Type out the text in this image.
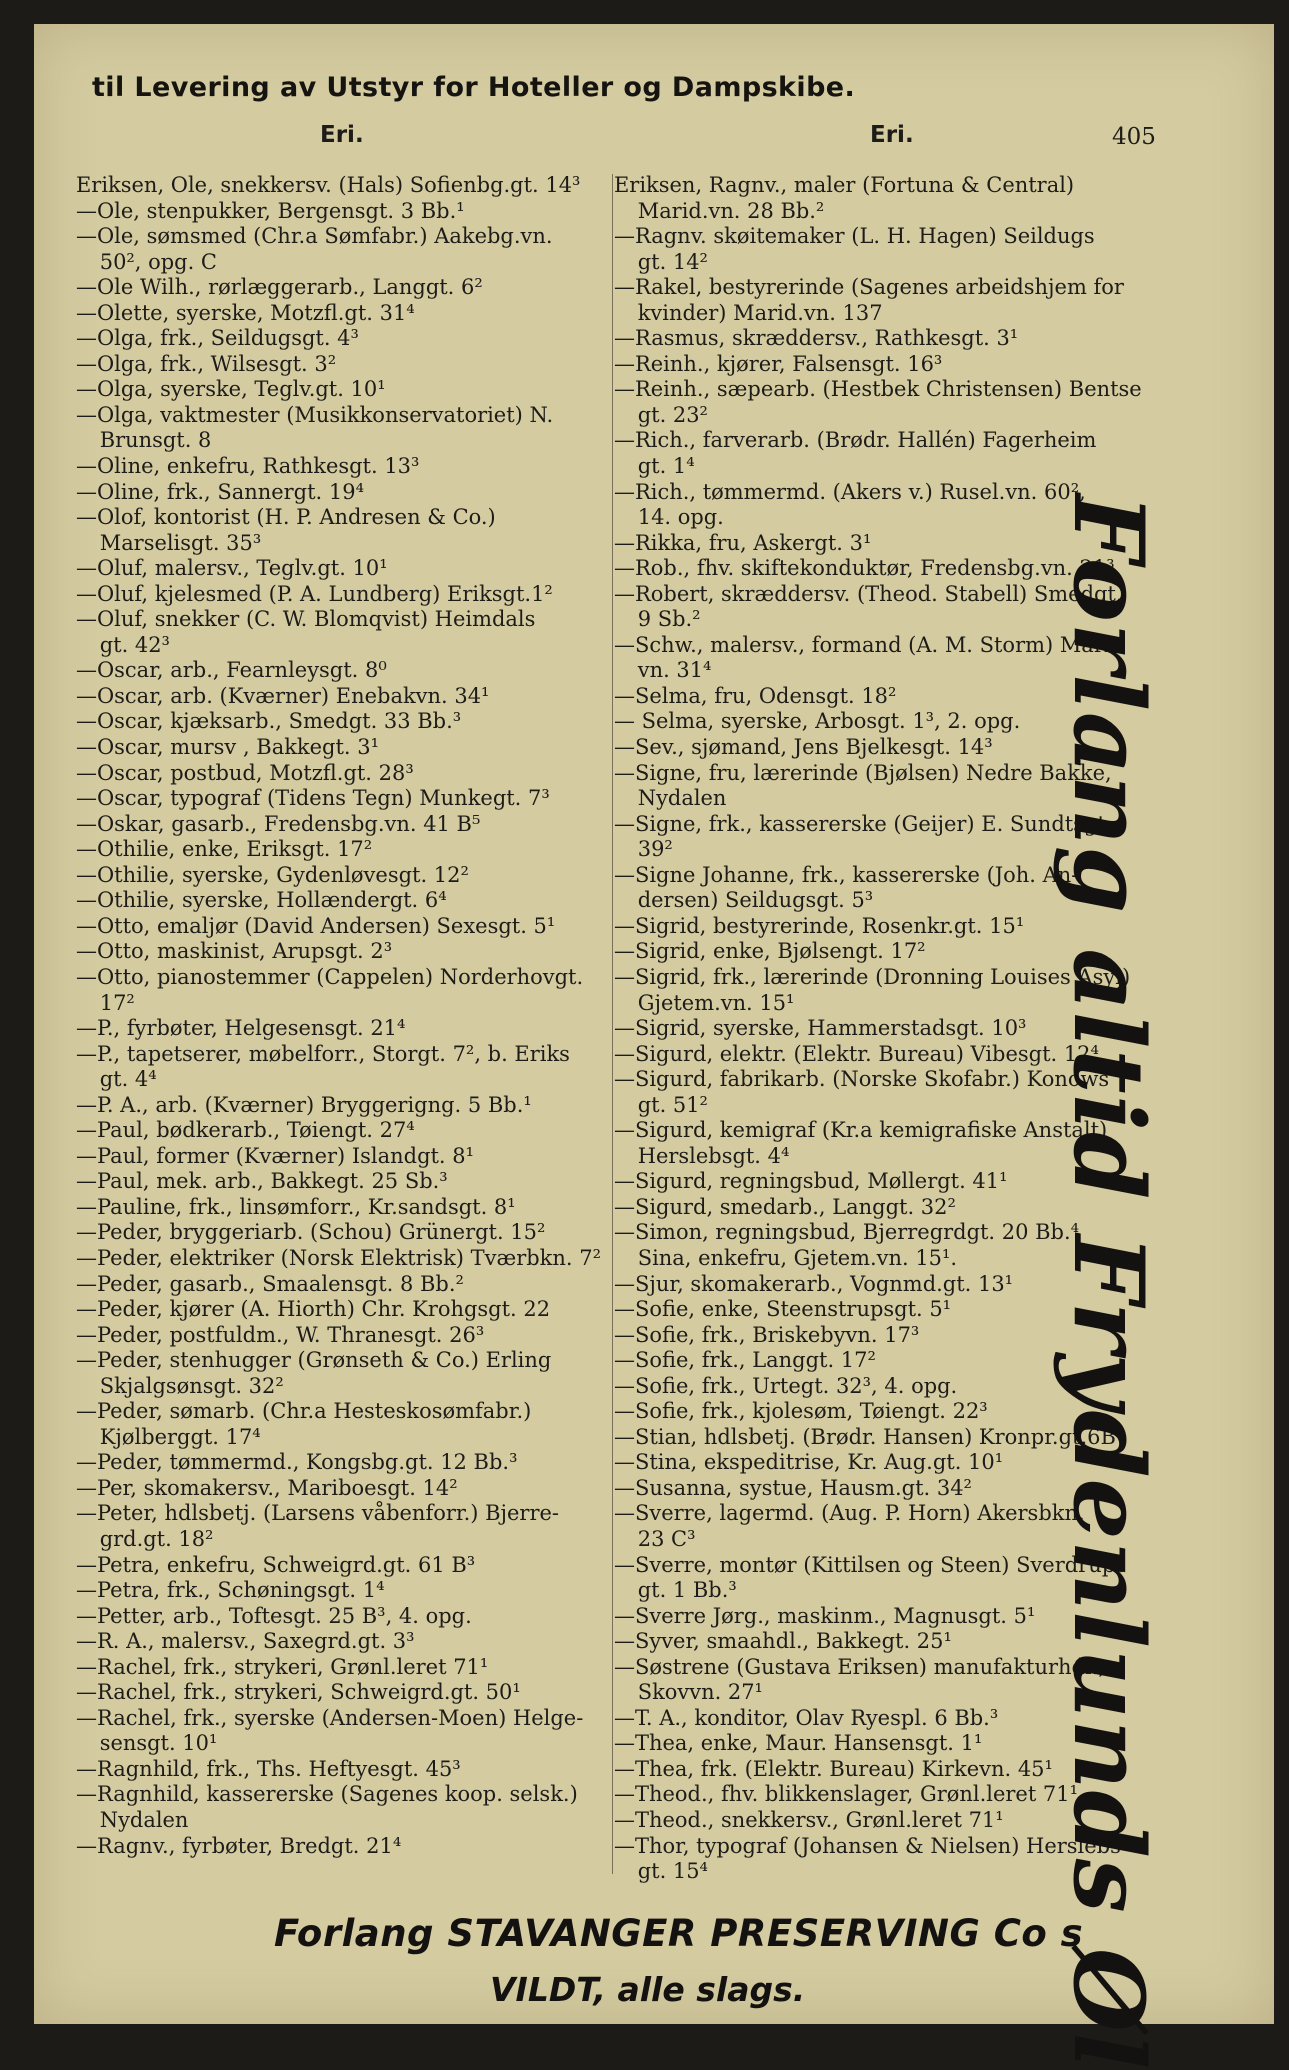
til Levering av Utstyr for Hoteller og Dampskibe.
Eri.	Eri.	405
Eriksen, Ole, snekkersv. (Hals) Sofienbg.gt. 14³
—Ole, stenpukker, Bergensgt. 3 Bb.¹
—Ole, sømsmed (Chr.a Sømfabr.) Aakebg.vn.
50², opg. C
—Ole Wilh., rørlæggerarb., Langgt. 6²
—Olette, syerske, Motzfl.gt. 31⁴
—Olga, frk., Seildugsgt. 4³
—Olga, frk., Wilsesgt. 3²
—Olga, syerske, Teglv.gt. 10¹
—Olga, vaktmester (Musikkonservatoriet) N.
Brunsgt. 8
—Oline, enkefru, Rathkesgt. 13³
—Oline, frk., Sannergt. 19⁴
—Olof, kontorist (H. P. Andresen & Co.)
Marselisgt. 35³
—Oluf, malersv., Teglv.gt. 10¹
—Oluf, kjelesmed (P. A. Lundberg) Eriksgt.1²
—Oluf, snekker (C. W. Blomqvist) Heimdals
gt. 42³
—Oscar, arb., Fearnleysgt. 8⁰
—Oscar, arb. (Kværner) Enebakvn. 34¹
—Oscar, kjæksarb., Smedgt. 33 Bb.³
—Oscar, mursv , Bakkegt. 3¹
—Oscar, postbud, Motzfl.gt. 28³
—Oscar, typograf (Tidens Tegn) Munkegt. 7³
—Oskar, gasarb., Fredensbg.vn. 41 B⁵
—Othilie, enke, Eriksgt. 17²
—Othilie, syerske, Gydenløvesgt. 12²
—Othilie, syerske, Hollændergt. 6⁴
—Otto, emaljør (David Andersen) Sexesgt. 5¹
—Otto, maskinist, Arupsgt. 2³
—Otto, pianostemmer (Cappelen) Norderhovgt.
17²
—P., fyrbøter, Helgesensgt. 21⁴
—P., tapetserer, møbelforr., Storgt. 7², b. Eriks
gt. 4⁴
—P. A., arb. (Kværner) Bryggerigng. 5 Bb.¹
—Paul, bødkerarb., Tøiengt. 27⁴
—Paul, former (Kværner) Islandgt. 8¹
—Paul, mek. arb., Bakkegt. 25 Sb.³
—Pauline, frk., linsømforr., Kr.sandsgt. 8¹
—Peder, bryggeriarb. (Schou) Grünergt. 15²
—Peder, elektriker (Norsk Elektrisk) Tværbkn. 7²
—Peder, gasarb., Smaalensgt. 8 Bb.²
—Peder, kjører (A. Hiorth) Chr. Krohgsgt. 22
—Peder, postfuldm., W. Thranesgt. 26³
—Peder, stenhugger (Grønseth & Co.) Erling
Skjalgsønsgt. 32²
—Peder, sømarb. (Chr.a Hesteskosømfabr.)
Kjølberggt. 17⁴
—Peder, tømmermd., Kongsbg.gt. 12 Bb.³
—Per, skomakersv., Mariboesgt. 14²
—Peter, hdlsbetj. (Larsens våbenforr.) Bjerre-
grd.gt. 18²
—Petra, enkefru, Schweigrd.gt. 61 B³
—Petra, frk., Schøningsgt. 1⁴
—Petter, arb., Toftesgt. 25 B³, 4. opg.
—R. A., malersv., Saxegrd.gt. 3³
—Rachel, frk., strykeri, Grønl.leret 71¹
—Rachel, frk., strykeri, Schweigrd.gt. 50¹
—Rachel, frk., syerske (Andersen-Moen) Helge-
sensgt. 10¹
—Ragnhild, frk., Ths. Heftyesgt. 45³
—Ragnhild, kassererske (Sagenes koop. selsk.)
Nydalen
—Ragnv., fyrbøter, Bredgt. 21⁴
Eriksen, Ragnv., maler (Fortuna & Central)
Marid.vn. 28 Bb.²
—Ragnv. skøitemaker (L. H. Hagen) Seildugs
gt. 14²
—Rakel, bestyrerinde (Sagenes arbeidshjem for
kvinder) Marid.vn. 137
—Rasmus, skræddersv., Rathkesgt. 3¹
—Reinh., kjører, Falsensgt. 16³
—Reinh., sæpearb. (Hestbek Christensen) Bentse
gt. 23²
—Rich., farverarb. (Brødr. Hallén) Fagerheim
gt. 1⁴
—Rich., tømmermd. (Akers v.) Rusel.vn. 60²,
14. opg.
—Rikka, fru, Askergt. 3¹
—Rob., fhv. skiftekonduktør, Fredensbg.vn. 21³
—Robert, skræddersv. (Theod. Stabell) Smedgt.
9 Sb.²
—Schw., malersv., formand (A. M. Storm) Mark-
vn. 31⁴
—Selma, fru, Odensgt. 18²
— Selma, syerske, Arbosgt. 1³, 2. opg.
—Sev., sjømand, Jens Bjelkesgt. 14³
—Signe, fru, lærerinde (Bjølsen) Nedre Bakke,
Nydalen
—Signe, frk., kassererske (Geijer) E. Sundtsgt.
39²
—Signe Johanne, frk., kassererske (Joh. An-
dersen) Seildugsgt. 5³
—Sigrid, bestyrerinde, Rosenkr.gt. 15¹
—Sigrid, enke, Bjølsengt. 17²
—Sigrid, frk., lærerinde (Dronning Louises Asyl)
Gjetem.vn. 15¹
—Sigrid, syerske, Hammerstadsgt. 10³
—Sigurd, elektr. (Elektr. Bureau) Vibesgt. 12⁴
—Sigurd, fabrikarb. (Norske Skofabr.) Konows
gt. 51²
—Sigurd, kemigraf (Kr.a kemigrafiske Anstalt)
Herslebsgt. 4⁴
—Sigurd, regningsbud, Møllergt. 41¹
—Sigurd, smedarb., Langgt. 32²
—Simon, regningsbud, Bjerregrdgt. 20 Bb.⁴
Sina, enkefru, Gjetem.vn. 15¹.
—Sjur, skomakerarb., Vognmd.gt. 13¹
—Sofie, enke, Steenstrupsgt. 5¹
—Sofie, frk., Briskebyvn. 17³
—Sofie, frk., Langgt. 17²
—Sofie, frk., Urtegt. 32³, 4. opg.
—Sofie, frk., kjolesøm, Tøiengt. 22³
—Stian, hdlsbetj. (Brødr. Hansen) Kronpr.gt.6B⁴
—Stina, ekspeditrise, Kr. Aug.gt. 10¹
—Susanna, systue, Hausm.gt. 34²
—Sverre, lagermd. (Aug. P. Horn) Akersbkn.
23 C³
—Sverre, montør (Kittilsen og Steen) Sverdrups
gt. 1 Bb.³
—Sverre Jørg., maskinm., Magnusgt. 5¹
—Syver, smaahdl., Bakkegt. 25¹
—Søstrene (Gustava Eriksen) manufakturhdl.,
Skovvn. 27¹
—T. A., konditor, Olav Ryespl. 6 Bb.³
—Thea, enke, Maur. Hansensgt. 1¹
—Thea, frk. (Elektr. Bureau) Kirkevn. 45¹
—Theod., fhv. blikkenslager, Grønl.leret 71¹
—Theod., snekkersv., Grønl.leret 71¹
—Thor, typograf (Johansen & Nielsen) Herslebs
gt. 15⁴	Forlang altid Frydenlunds Øl
Forlang STAVANGER PRESERVING Co s
VILDT, alle slags.
